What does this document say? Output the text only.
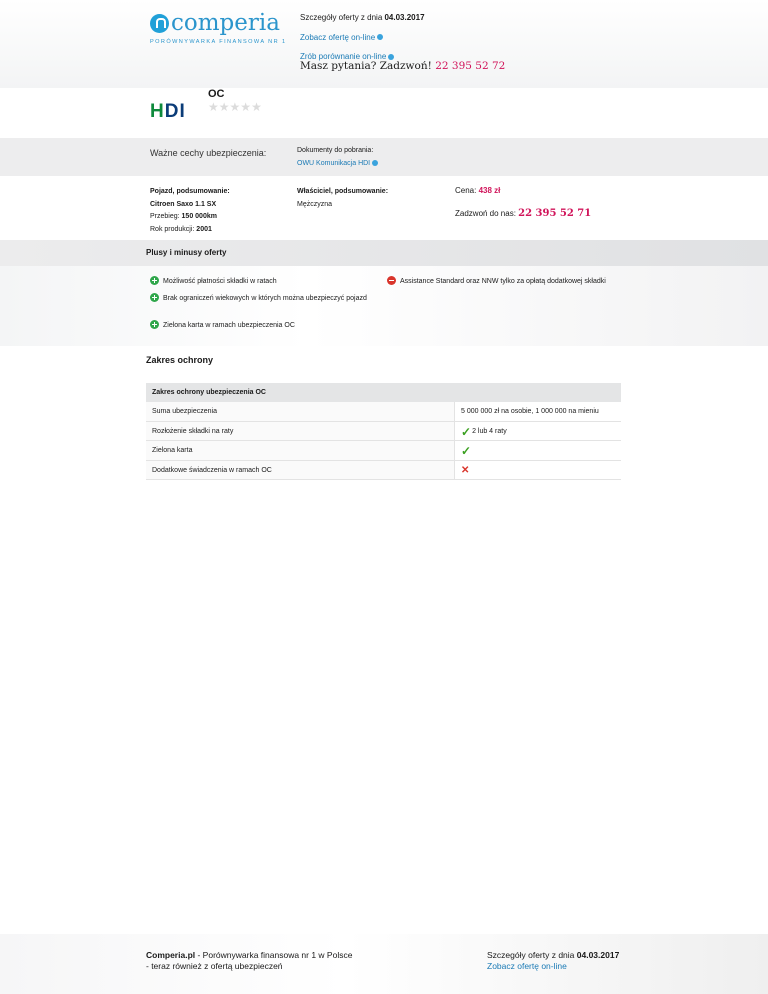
comperia
PORÓWNYWARKA FINANSOWA NR 1
Szczegóły oferty z dnia 04.03.2017
Zobacz ofertę on-line
Zrób porównanie on-line
Masz pytania? Zadzwoń! 22 395 52 72
HDI
OC
★★★★★
Ważne cechy ubezpieczenia:	Dokumenty do pobrania:
OWU Komunikacja HDI
Pojazd, podsumowanie:
Citroen Saxo 1.1 SX
Przebieg: 150 000km
Rok produkcji: 2001
Właściciel, podsumowanie:
Mężczyzna
Cena: 438 zł
Zadzwoń do nas: 22 395 52 71
Plusy i minusy oferty
Możliwość płatności składki w ratach
Brak ograniczeń wiekowych w których można ubezpieczyć pojazd
Zielona karta w ramach ubezpieczenia OC
Assistance Standard oraz NNW tylko za opłatą dodatkowej składki
Zakres ochrony
Zakres ochrony ubezpieczenia OC
Suma ubezpieczenia	5 000 000 zł na osobie, 1 000 000 na mieniu
Rozłożenie składki na raty	✓ 2 lub 4 raty
Zielona karta	✓
Dodatkowe świadczenia w ramach OC	✕
Comperia.pl - Porównywarka finansowa nr 1 w Polsce
- teraz również z ofertą ubezpieczeń
Szczegóły oferty z dnia 04.03.2017
Zobacz ofertę on-line
